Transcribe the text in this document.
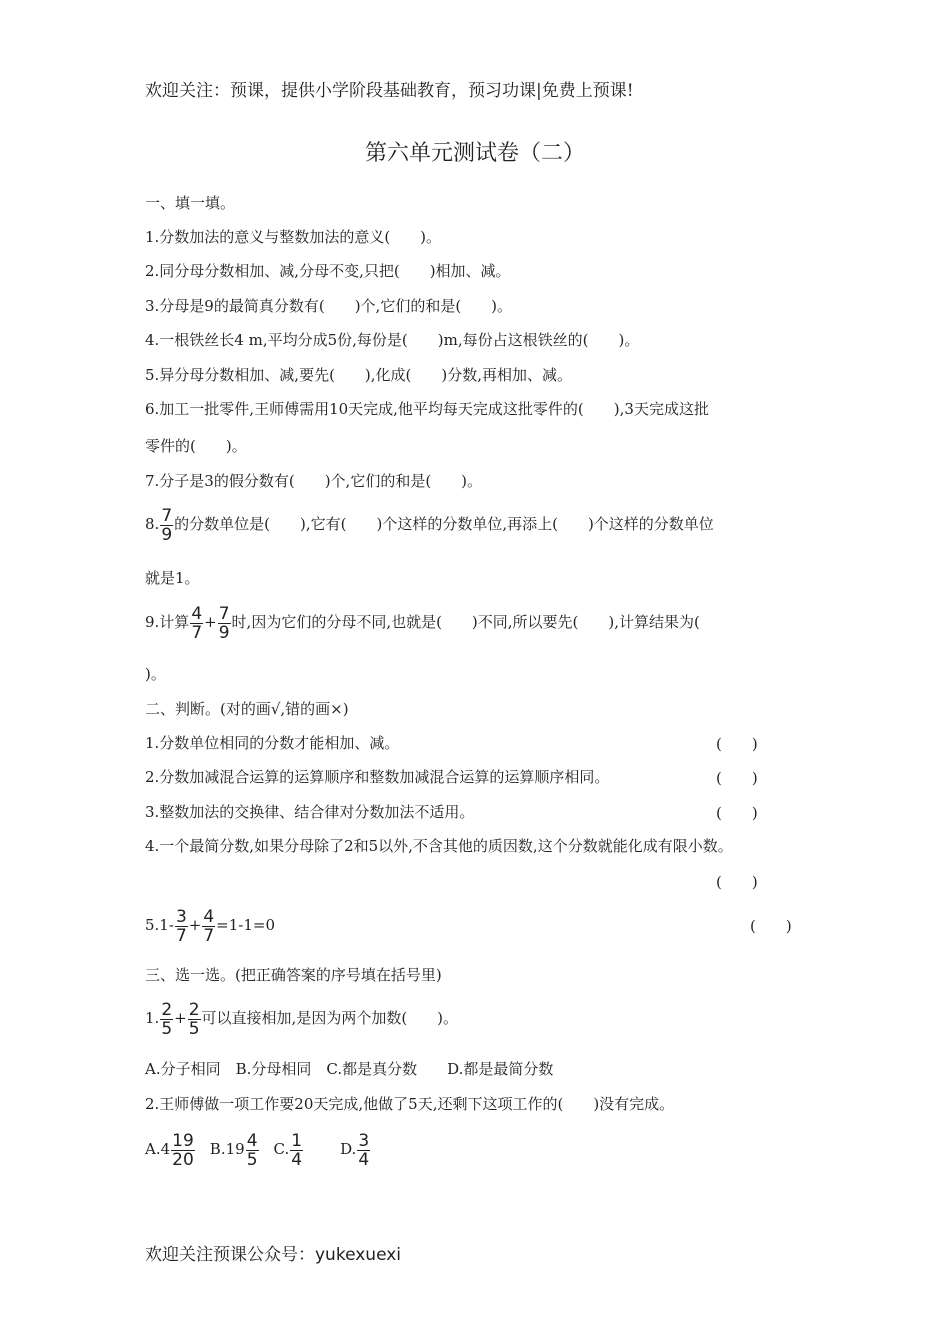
欢迎关注：预课，提供小学阶段基础教育，预习功课|免费上预课!
第六单元测试卷（二）
一、填一填。
1.分数加法的意义与整数加法的意义(　　)。
2.同分母分数相加、减,分母不变,只把(　　)相加、减。
3.分母是9的最简真分数有(　　)个,它们的和是(　　)。
4.一根铁丝长4 m,平均分成5份,每份是(　　)m,每份占这根铁丝的(　　)。
5.异分母分数相加、减,要先(　　),化成(　　)分数,再相加、减。
6.加工一批零件,王师傅需用10天完成,他平均每天完成这批零件的(　　),3天完成这批
零件的(　　)。
7.分子是3的假分数有(　　)个,它们的和是(　　)。
8. $\frac{7}{9}$ 的分数单位是(　　),它有(　　)个这样的分数单位,再添上(　　)个这样的分数单位
就是1。
9.计算 $\frac{4}{7} + \frac{7}{9}$ 时,因为它们的分母不同,也就是(　　)不同,所以要先(　　),计算结果为(
)。
二、判断。(对的画√,错的画×)
1.分数单位相同的分数才能相加、减。	(　　)
2.分数加减混合运算的运算顺序和整数加减混合运算的运算顺序相同。	(　　)
3.整数加法的交换律、结合律对分数加法不适用。	(　　)
4.一个最简分数,如果分母除了2和5以外,不含其他的质因数,这个分数就能化成有限小数。
(　　)
$5.1- \frac{3}{7} + \frac{4}{7} =1-1=0$	(　　)
三、选一选。(把正确答案的序号填在括号里)
1. $\frac{2}{5} + \frac{2}{5}$ 可以直接相加,是因为两个加数(　　)。
A.分子相同　B.分母相同　C.都是真分数　　D.都是最简分数
2.王师傅做一项工作要20天完成,他做了5天,还剩下这项工作的(　　)没有完成。
$A.4 \frac{19}{20} B.19 \frac{4}{5} C$. $\frac{1}{4} D$. $\frac{3}{4}$
欢迎关注预课公众号：yukexuexi
